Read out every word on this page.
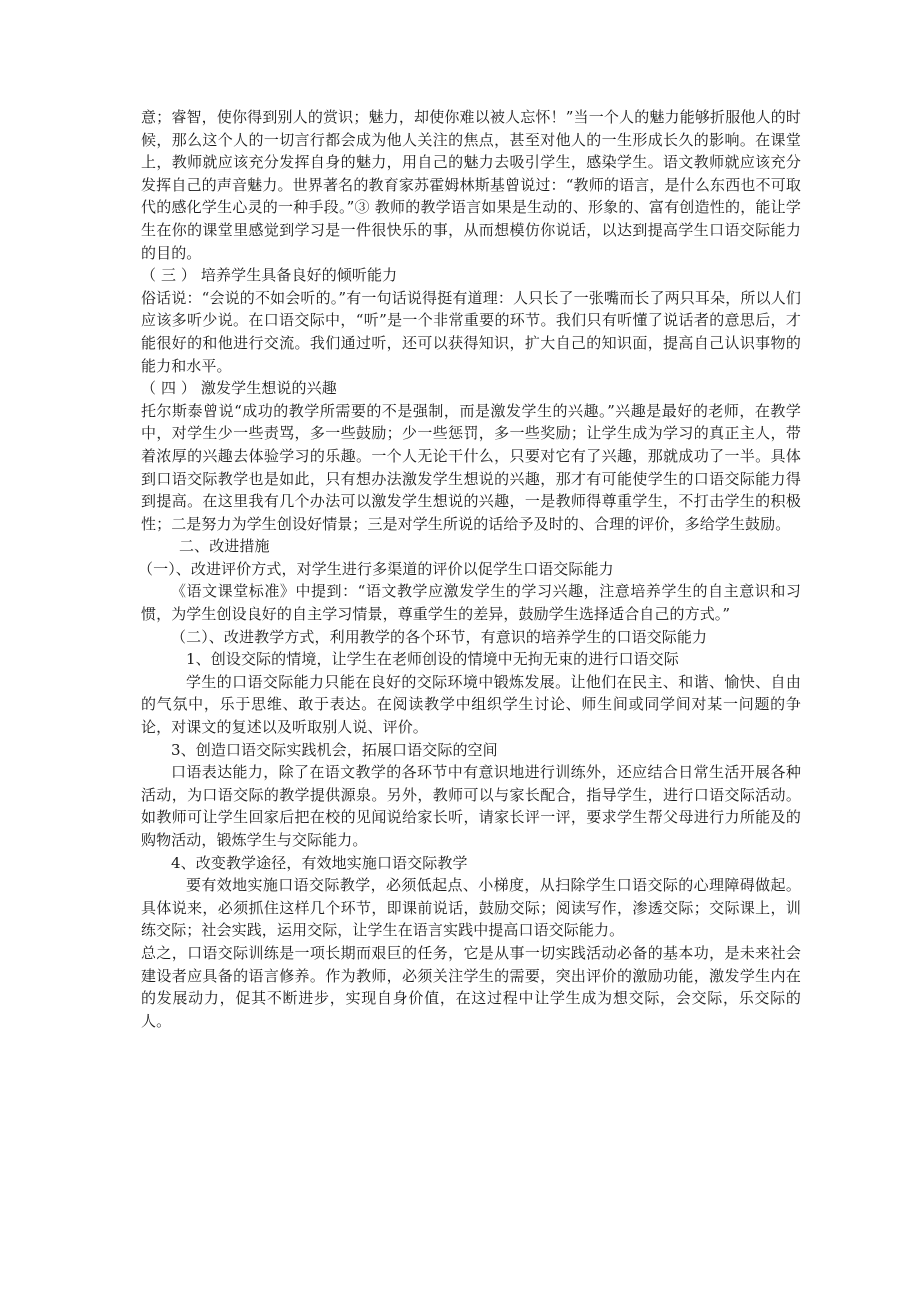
意；睿智，使你得到别人的赏识；魅力，却使你难以被人忘怀！”当一个人的魅力能够折服他人的时候，那么这个人的一切言行都会成为他人关注的焦点，甚至对他人的一生形成长久的影响。在课堂上，教师就应该充分发挥自身的魅力，用自己的魅力去吸引学生，感染学生。语文教师就应该充分发挥自己的声音魅力。世界著名的教育家苏霍姆林斯基曾说过：“教师的语言，是什么东西也不可取代的感化学生心灵的一种手段。”③ 教师的教学语言如果是生动的、形象的、富有创造性的，能让学生在你的课堂里感觉到学习是一件很快乐的事，从而想模仿你说话，以达到提高学生口语交际能力的目的。

（ 三 ） 培养学生具备良好的倾听能力

俗话说：“会说的不如会听的。”有一句话说得挺有道理：人只长了一张嘴而长了两只耳朵，所以人们应该多听少说。在口语交际中，“听”是一个非常重要的环节。我们只有听懂了说话者的意思后，才能很好的和他进行交流。我们通过听，还可以获得知识，扩大自己的知识面，提高自己认识事物的能力和水平。

（ 四 ） 激发学生想说的兴趣

托尔斯泰曾说“成功的教学所需要的不是强制，而是激发学生的兴趣。”兴趣是最好的老师，在教学中，对学生少一些责骂，多一些鼓励；少一些惩罚，多一些奖励；让学生成为学习的真正主人，带着浓厚的兴趣去体验学习的乐趣。一个人无论干什么，只要对它有了兴趣，那就成功了一半。具体到口语交际教学也是如此，只有想办法激发学生想说的兴趣，那才有可能使学生的口语交际能力得到提高。在这里我有几个办法可以激发学生想说的兴趣，一是教师得尊重学生，不打击学生的积极性；二是努力为学生创设好情景；三是对学生所说的话给予及时的、合理的评价，多给学生鼓励。

二、改进措施

（一）、改进评价方式，对学生进行多渠道的评价以促学生口语交际能力

《语文课堂标准》中提到：“语文教学应激发学生的学习兴趣，注意培养学生的自主意识和习惯，为学生创设良好的自主学习情景，尊重学生的差异，鼓励学生选择适合自己的方式。”

（二）、改进教学方式，利用教学的各个环节，有意识的培养学生的口语交际能力

1、创设交际的情境，让学生在老师创设的情境中无拘无束的进行口语交际

学生的口语交际能力只能在良好的交际环境中锻炼发展。让他们在民主、和谐、愉快、自由的气氛中，乐于思维、敢于表达。在阅读教学中组织学生讨论、师生间或同学间对某一问题的争论，对课文的复述以及听取别人说、评价。

3、创造口语交际实践机会，拓展口语交际的空间

口语表达能力，除了在语文教学的各环节中有意识地进行训练外，还应结合日常生活开展各种活动，为口语交际的教学提供源泉。另外，教师可以与家长配合，指导学生，进行口语交际活动。如教师可让学生回家后把在校的见闻说给家长听，请家长评一评，要求学生帮父母进行力所能及的购物活动，锻炼学生与交际能力。

4、改变教学途径，有效地实施口语交际教学

要有效地实施口语交际教学，必须低起点、小梯度，从扫除学生口语交际的心理障碍做起。具体说来，必须抓住这样几个环节，即课前说话，鼓励交际；阅读写作，渗透交际；交际课上，训练交际；社会实践，运用交际，让学生在语言实践中提高口语交际能力。

总之，口语交际训练是一项长期而艰巨的任务，它是从事一切实践活动必备的基本功，是未来社会建设者应具备的语言修养。作为教师，必须关注学生的需要，突出评价的激励功能，激发学生内在的发展动力，促其不断进步，实现自身价值，在这过程中让学生成为想交际，会交际，乐交际的人。
